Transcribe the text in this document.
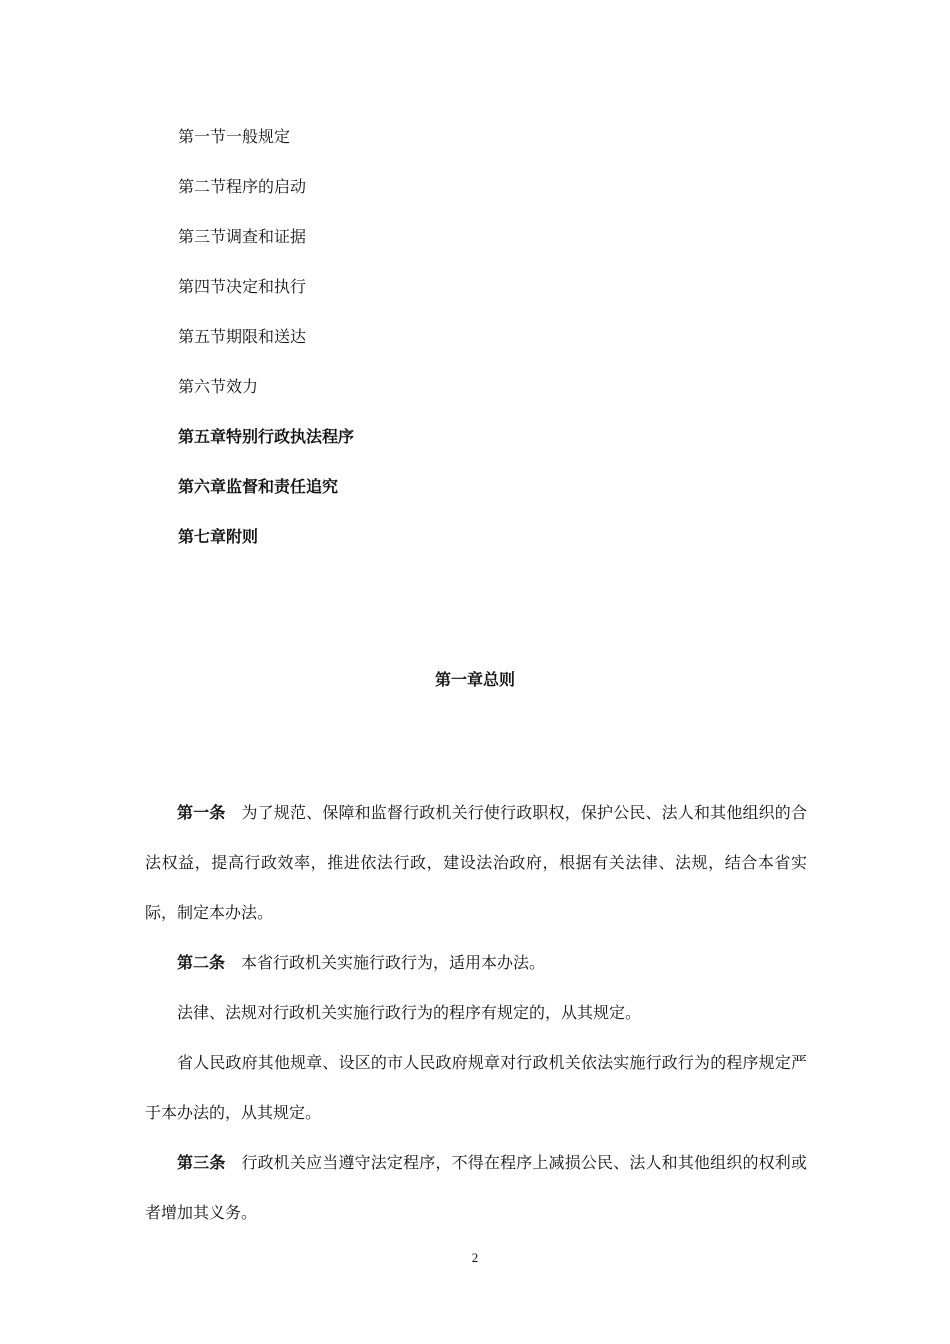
第一节一般规定
第二节程序的启动
第三节调查和证据
第四节决定和执行
第五节期限和送达
第六节效力
第五章特别行政执法程序
第六章监督和责任追究
第七章附则
第一章总则

第一条 为了规范、保障和监督行政机关行使行政职权，保护公民、法人和其他组织的合法权益，提高行政效率，推进依法行政，建设法治政府，根据有关法律、法规，结合本省实际，制定本办法。

第二条 本省行政机关实施行政行为，适用本办法。

法律、法规对行政机关实施行政行为的程序有规定的，从其规定。

省人民政府其他规章、设区的市人民政府规章对行政机关依法实施行政行为的程序规定严于本办法的，从其规定。

第三条 行政机关应当遵守法定程序，不得在程序上减损公民、法人和其他组织的权利或者增加其义务。

2
